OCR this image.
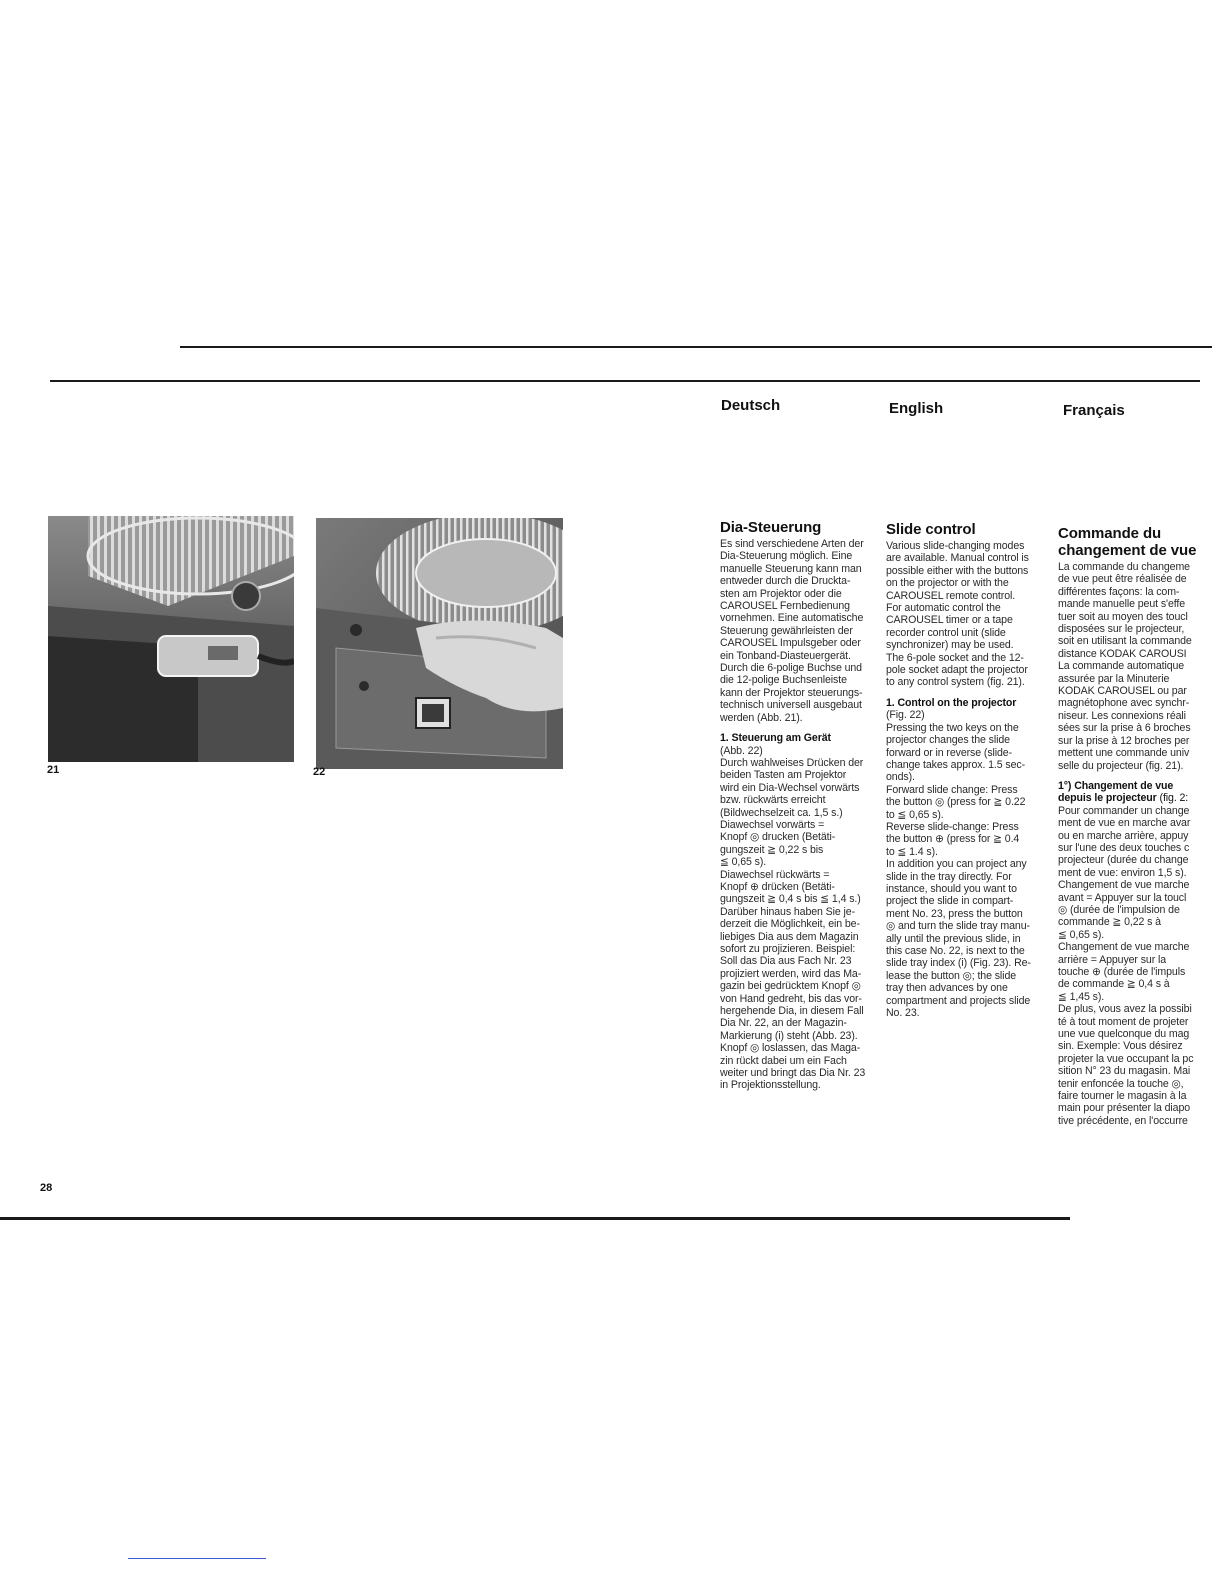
Deutsch	English	Français
21	22
Dia-Steuerung

Es sind verschiedene Arten der
Dia-Steuerung möglich. Eine
manuelle Steuerung kann man
entweder durch die Druckta-
sten am Projektor oder die
CAROUSEL Fernbedienung
vornehmen. Eine automatische
Steuerung gewährleisten der
CAROUSEL Impulsgeber oder
ein Tonband-Diasteuergerät.
Durch die 6-polige Buchse und
die 12-polige Buchsenleiste
kann der Projektor steuerungs-
technisch universell ausgebaut
werden (Abb. 21).

1. Steuerung am Gerät

(Abb. 22)

Durch wahlweises Drücken der
beiden Tasten am Projektor
wird ein Dia-Wechsel vorwärts
bzw. rückwärts erreicht
(Bildwechselzeit ca. 1,5 s.)

Diawechsel vorwärts =
Knopf ◎ drucken (Betäti-
gungszeit ≧ 0,22 s bis
≦ 0,65 s).
Diawechsel rückwärts =
Knopf ⊕ drücken (Betäti-
gungszeit ≧ 0,4 s bis ≦ 1,4 s.)

Darüber hinaus haben Sie je-
derzeit die Möglichkeit, ein be-
liebiges Dia aus dem Magazin
sofort zu projizieren. Beispiel:
Soll das Dia aus Fach Nr. 23
projiziert werden, wird das Ma-
gazin bei gedrücktem Knopf ◎
von Hand gedreht, bis das vor-
hergehende Dia, in diesem Fall
Dia Nr. 22, an der Magazin-
Markierung (i) steht (Abb. 23).
Knopf ◎ loslassen, das Maga-
zin rückt dabei um ein Fach
weiter und bringt das Dia Nr. 23
in Projektionsstellung.

Slide control

Various slide-changing modes
are available. Manual control is
possible either with the buttons
on the projector or with the
CAROUSEL remote control.
For automatic control the
CAROUSEL timer or a tape
recorder control unit (slide
synchronizer) may be used.
The 6-pole socket and the 12-
pole socket adapt the projector
to any control system (fig. 21).

1. Control on the projector

(Fig. 22)

Pressing the two keys on the
projector changes the slide
forward or in reverse (slide-
change takes approx. 1.5 sec-
onds).
Forward slide change: Press
the button ◎ (press for ≧ 0.22
to ≦ 0,65 s).
Reverse slide-change: Press
the button ⊕ (press for ≧ 0.4
to ≦ 1.4 s).
In addition you can project any
slide in the tray directly. For
instance, should you want to
project the slide in compart-
ment No. 23, press the button
◎ and turn the slide tray manu-
ally until the previous slide, in
this case No. 22, is next to the
slide tray index (i) (Fig. 23). Re-
lease the button ◎; the slide
tray then advances by one
compartment and projects slide
No. 23.

Commande du
changement de vue

La commande du changeme
de vue peut être réalisée de
différentes façons: la com-
mande manuelle peut s'effe
tuer soit au moyen des toucl
disposées sur le projecteur,
soit en utilisant la commande
distance KODAK CAROUSI
La commande automatique
assurée par la Minuterie
KODAK CAROUSEL ou par
magnétophone avec synchr-
niseur. Les connexions réali
sées sur la prise à 6 broches
sur la prise à 12 broches per
mettent une commande univ
selle du projecteur (fig. 21).

1°) Changement de vue
depuis le projecteur (fig. 2:

Pour commander un change
ment de vue en marche avar
ou en marche arrière, appuy
sur l'une des deux touches c
projecteur (durée du change
ment de vue: environ 1,5 s).
Changement de vue marche
avant = Appuyer sur la toucl
◎ (durée de l'impulsion de
commande ≧ 0,22 s à
≦ 0,65 s).
Changement de vue marche
arrière = Appuyer sur la
touche ⊕ (durée de l'impuls
de commande ≧ 0,4 s à
≦ 1,45 s).
De plus, vous avez la possibi
té à tout moment de projeter
une vue quelconque du mag
sin. Exemple: Vous désirez
projeter la vue occupant la pc
sition N° 23 du magasin. Mai
tenir enfoncée la touche ◎,
faire tourner le magasin à la
main pour présenter la diapo
tive précédente, en l'occurre

28
